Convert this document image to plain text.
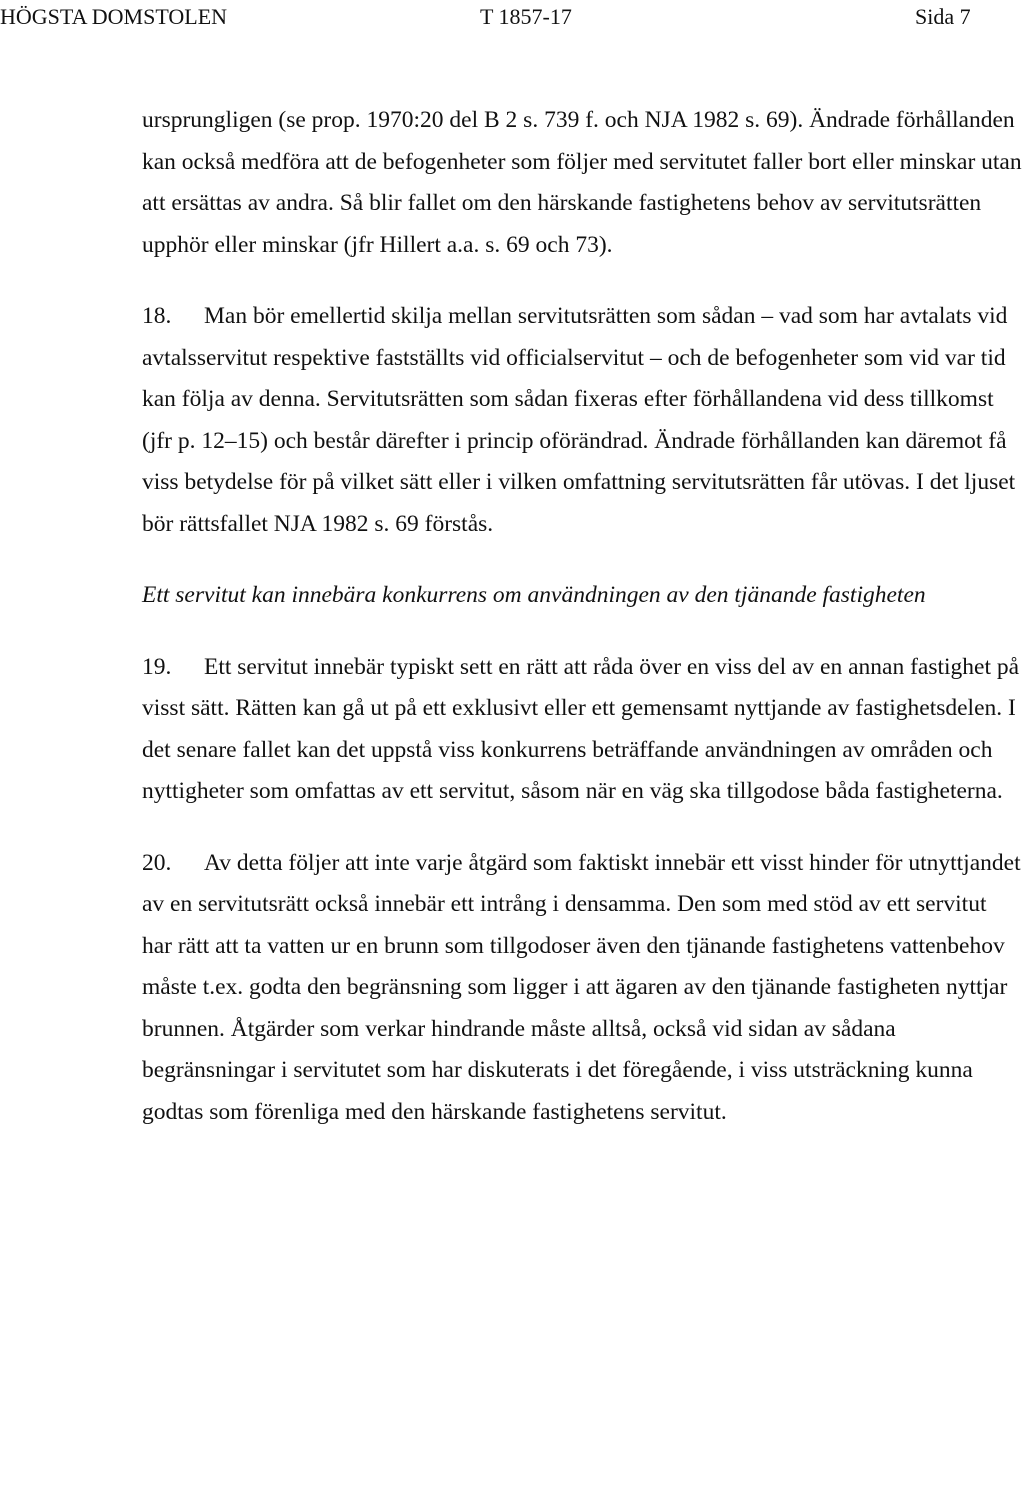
HÖGSTA DOMSTOLEN	T 1857-17	Sida 7

ursprungligen (se prop. 1970:20 del B 2 s. 739 f. och NJA 1982 s. 69). Ändrade förhållanden kan också medföra att de befogenheter som följer med servitutet faller bort eller minskar utan att ersättas av andra. Så blir fallet om den härskande fastighetens behov av servitutsrätten upphör eller minskar (jfr Hillert a.a. s. 69 och 73).

18. Man bör emellertid skilja mellan servitutsrätten som sådan – vad som har avtalats vid avtalsservitut respektive fastställts vid officialservitut – och de befogenheter som vid var tid kan följa av denna. Servitutsrätten som sådan fixeras efter förhållandena vid dess tillkomst (jfr p. 12–15) och består därefter i princip oförändrad. Ändrade förhållanden kan däremot få viss betydelse för på vilket sätt eller i vilken omfattning servitutsrätten får utövas. I det ljuset bör rättsfallet NJA 1982 s. 69 förstås.

Ett servitut kan innebära konkurrens om användningen av den tjänande fastigheten

19. Ett servitut innebär typiskt sett en rätt att råda över en viss del av en annan fastighet på visst sätt. Rätten kan gå ut på ett exklusivt eller ett gemensamt nyttjande av fastighetsdelen. I det senare fallet kan det uppstå viss konkurrens beträffande användningen av områden och nyttigheter som omfattas av ett servitut, såsom när en väg ska tillgodose båda fastigheterna.

20. Av detta följer att inte varje åtgärd som faktiskt innebär ett visst hinder för utnyttjandet av en servitutsrätt också innebär ett intrång i densamma. Den som med stöd av ett servitut har rätt att ta vatten ur en brunn som tillgodoser även den tjänande fastighetens vattenbehov måste t.ex. godta den begränsning som ligger i att ägaren av den tjänande fastigheten nyttjar brunnen. Åtgärder som verkar hindrande måste alltså, också vid sidan av sådana begränsningar i servitutet som har diskuterats i det föregående, i viss utsträckning kunna godtas som förenliga med den härskande fastighetens servitut.
